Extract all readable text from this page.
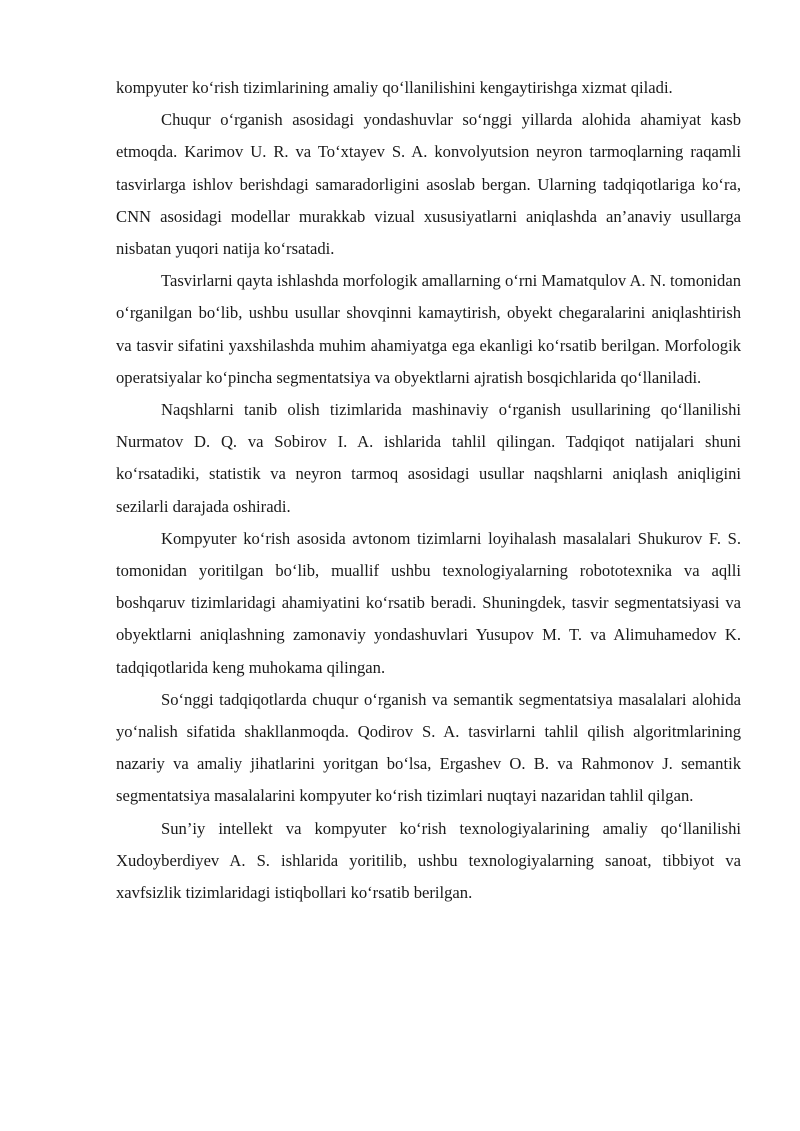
kompyuter ko‘rish tizimlarining amaliy qo‘llanilishini kengaytirishga xizmat qiladi.

Chuqur o‘rganish asosidagi yondashuvlar so‘nggi yillarda alohida ahamiyat kasb etmoqda. Karimov U. R. va To‘xtayev S. A. konvolyutsion neyron tarmoqlarning raqamli tasvirlarga ishlov berishdagi samaradorligini asoslab bergan. Ularning tadqiqotlariga ko‘ra, CNN asosidagi modellar murakkab vizual xususiyatlarni aniqlashda an’anaviy usullarga nisbatan yuqori natija ko‘rsatadi.

Tasvirlarni qayta ishlashda morfologik amallarning o‘rni Mamatqulov A. N. tomonidan o‘rganilgan bo‘lib, ushbu usullar shovqinni kamaytirish, obyekt chegaralarini aniqlashtirish va tasvir sifatini yaxshilashda muhim ahamiyatga ega ekanligi ko‘rsatib berilgan. Morfologik operatsiyalar ko‘pincha segmentatsiya va obyektlarni ajratish bosqichlarida qo‘llaniladi.

Naqshlarni tanib olish tizimlarida mashinaviy o‘rganish usullarining qo‘llanilishi Nurmatov D. Q. va Sobirov I. A. ishlarida tahlil qilingan. Tadqiqot natijalari shuni ko‘rsatadiki, statistik va neyron tarmoq asosidagi usullar naqshlarni aniqlash aniqligini sezilarli darajada oshiradi.

Kompyuter ko‘rish asosida avtonom tizimlarni loyihalash masalalari Shukurov F. S. tomonidan yoritilgan bo‘lib, muallif ushbu texnologiyalarning robototexnika va aqlli boshqaruv tizimlaridagi ahamiyatini ko‘rsatib beradi. Shuningdek, tasvir segmentatsiyasi va obyektlarni aniqlashning zamonaviy yondashuvlari Yusupov M. T. va Alimuhamedov K. tadqiqotlarida keng muhokama qilingan.

So‘nggi tadqiqotlarda chuqur o‘rganish va semantik segmentatsiya masalalari alohida yo‘nalish sifatida shakllanmoqda. Qodirov S. A. tasvirlarni tahlil qilish algoritmlarining nazariy va amaliy jihatlarini yoritgan bo‘lsa, Ergashev O. B. va Rahmonov J. semantik segmentatsiya masalalarini kompyuter ko‘rish tizimlari nuqtayi nazaridan tahlil qilgan.

Sun’iy intellekt va kompyuter ko‘rish texnologiyalarining amaliy qo‘llanilishi Xudoyberdiyev A. S. ishlarida yoritilib, ushbu texnologiyalarning sanoat, tibbiyot va xavfsizlik tizimlaridagi istiqbollari ko‘rsatib berilgan.
